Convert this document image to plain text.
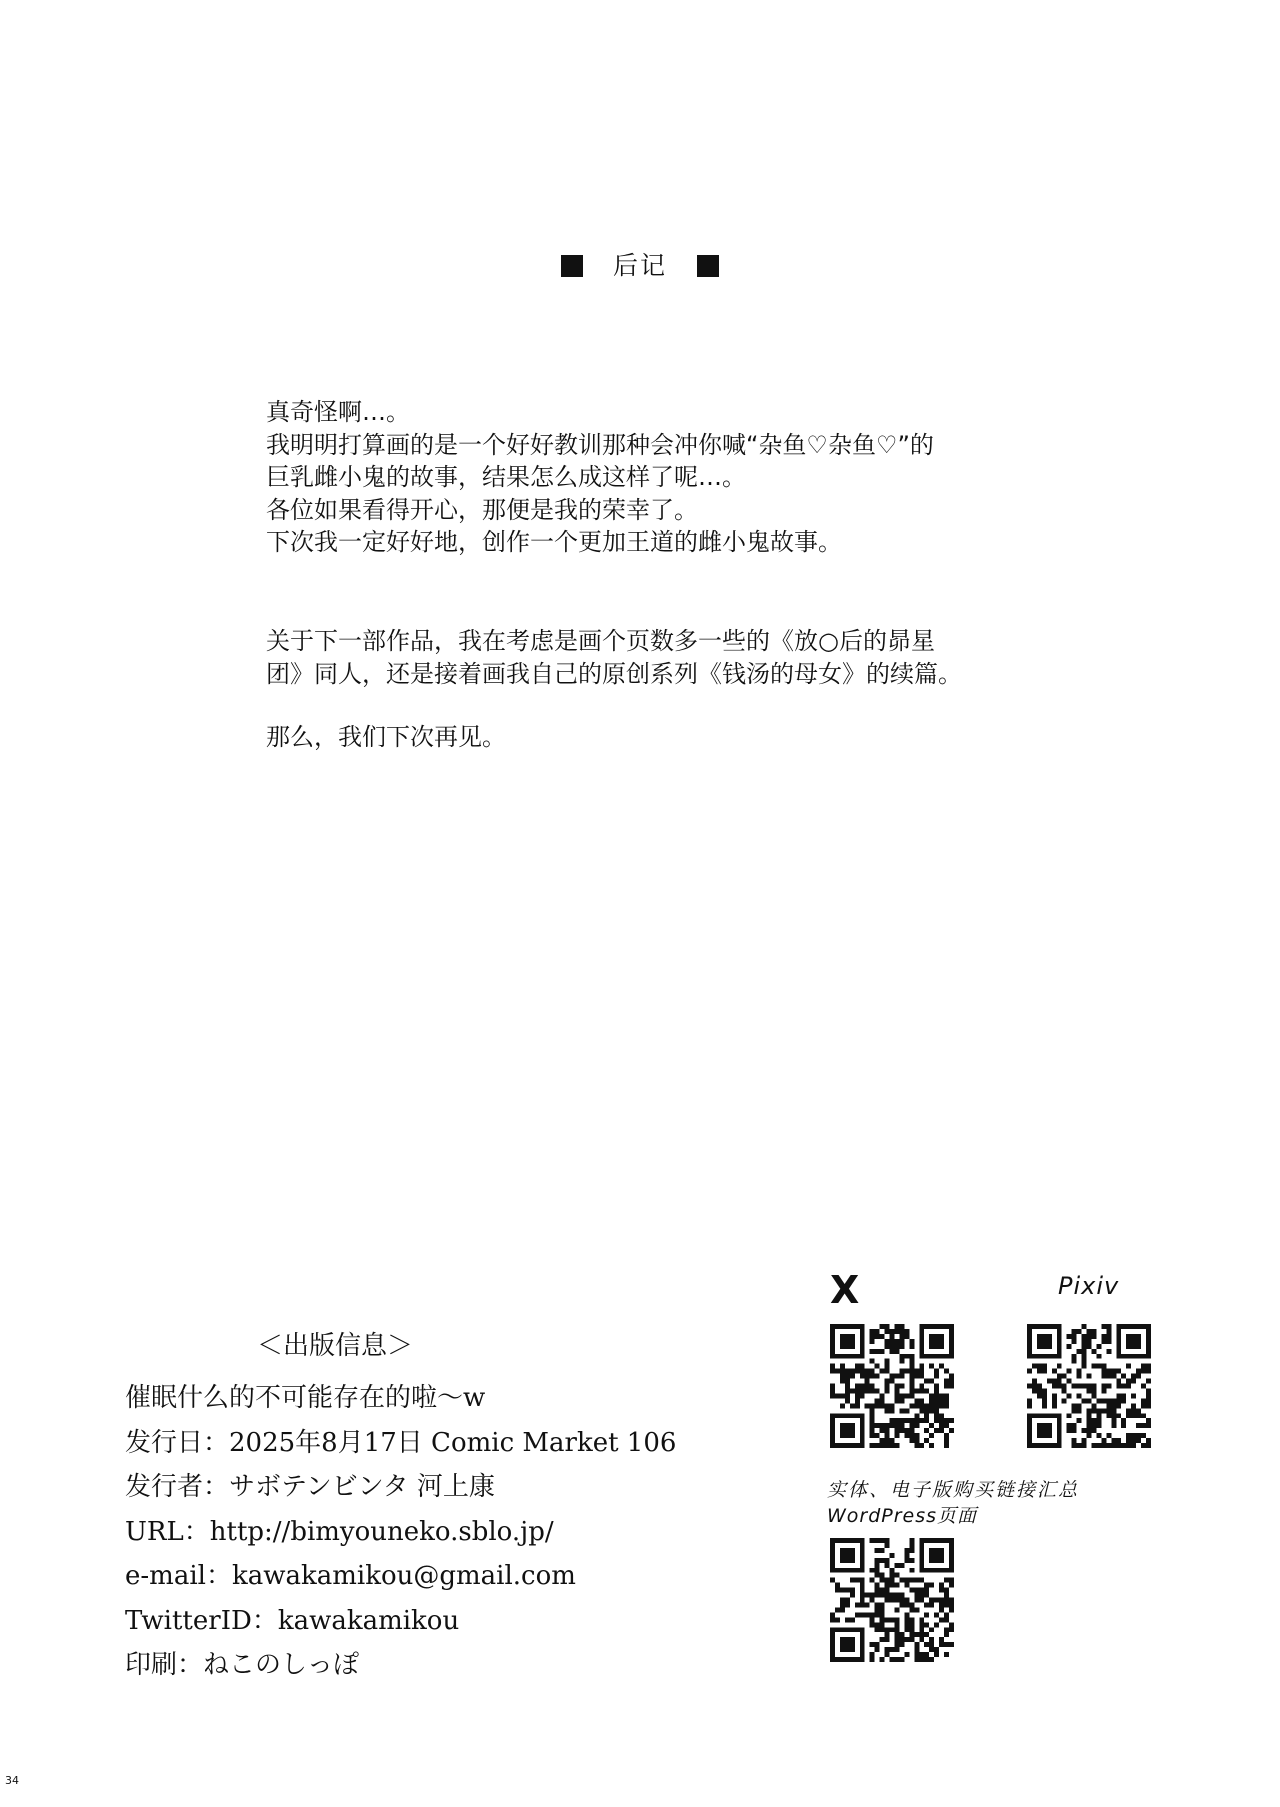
后记
真奇怪啊…。
我明明打算画的是一个好好教训那种会冲你喊“杂鱼♡杂鱼♡”的
巨乳雌小鬼的故事，结果怎么成这样了呢…。
各位如果看得开心，那便是我的荣幸了。
下次我一定好好地，创作一个更加王道的雌小鬼故事。
关于下一部作品，我在考虑是画个页数多一些的《放○后的昴星
团》同人，还是接着画我自己的原创系列《钱汤的母女》的续篇。
那么，我们下次再见。
＜出版信息＞
催眠什么的不可能存在的啦〜w
发行日：2025年8月17日 Comic Market 106
发行者：サボテンビンタ 河上康
URL：http://bimyouneko.sblo.jp/
e-mail：kawakamikou@gmail.com
TwitterID：kawakamikou
印刷：ねこのしっぽ
X	Pixiv
实体、电子版购买链接汇总
WordPress页面
34
